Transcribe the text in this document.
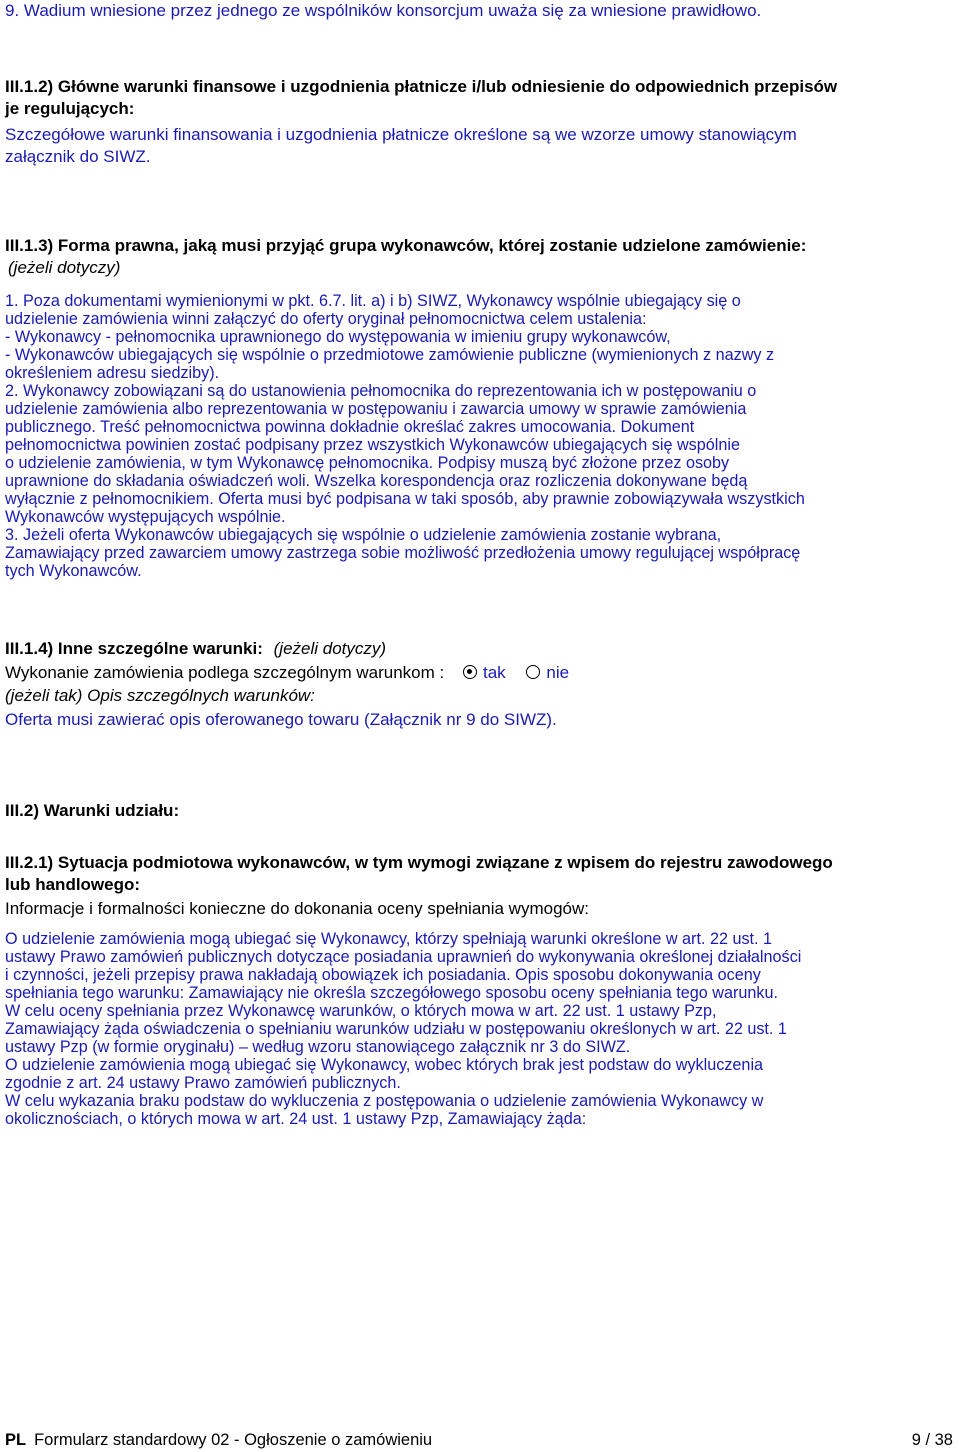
9. Wadium wniesione przez jednego ze wspólników konsorcjum uważa się za wniesione prawidłowo.
III.1.2) Główne warunki finansowe i uzgodnienia płatnicze i/lub odniesienie do odpowiednich przepisów
je regulujących:
Szczegółowe warunki finansowania i uzgodnienia płatnicze określone są we wzorze umowy stanowiącym
załącznik do SIWZ.
III.1.3) Forma prawna, jaką musi przyjąć grupa wykonawców, której zostanie udzielone zamówienie:
(jeżeli dotyczy)
1. Poza dokumentami wymienionymi w pkt. 6.7. lit. a) i b) SIWZ, Wykonawcy wspólnie ubiegający się o
udzielenie zamówienia winni załączyć do oferty oryginał pełnomocnictwa celem ustalenia:
- Wykonawcy - pełnomocnika uprawnionego do występowania w imieniu grupy wykonawców,
- Wykonawców ubiegających się wspólnie o przedmiotowe zamówienie publiczne (wymienionych z nazwy z
określeniem adresu siedziby).
2. Wykonawcy zobowiązani są do ustanowienia pełnomocnika do reprezentowania ich w postępowaniu o
udzielenie zamówienia albo reprezentowania w postępowaniu i zawarcia umowy w sprawie zamówienia
publicznego. Treść pełnomocnictwa powinna dokładnie określać zakres umocowania. Dokument
pełnomocnictwa powinien zostać podpisany przez wszystkich Wykonawców ubiegających się wspólnie
o udzielenie zamówienia, w tym Wykonawcę pełnomocnika. Podpisy muszą być złożone przez osoby
uprawnione do składania oświadczeń woli. Wszelka korespondencja oraz rozliczenia dokonywane będą
wyłącznie z pełnomocnikiem. Oferta musi być podpisana w taki sposób, aby prawnie zobowiązywała wszystkich
Wykonawców występujących wspólnie.
3. Jeżeli oferta Wykonawców ubiegających się wspólnie o udzielenie zamówienia zostanie wybrana,
Zamawiający przed zawarciem umowy zastrzega sobie możliwość przedłożenia umowy regulującej współpracę
tych Wykonawców.
III.1.4) Inne szczególne warunki: (jeżeli dotyczy)
Wykonanie zamówienia podlega szczególnym warunkom : tak nie
(jeżeli tak) Opis szczególnych warunków:
Oferta musi zawierać opis oferowanego towaru (Załącznik nr 9 do SIWZ).
III.2) Warunki udziału:
III.2.1) Sytuacja podmiotowa wykonawców, w tym wymogi związane z wpisem do rejestru zawodowego
lub handlowego:
Informacje i formalności konieczne do dokonania oceny spełniania wymogów:
O udzielenie zamówienia mogą ubiegać się Wykonawcy, którzy spełniają warunki określone w art. 22 ust. 1
ustawy Prawo zamówień publicznych dotyczące posiadania uprawnień do wykonywania określonej działalności
i czynności, jeżeli przepisy prawa nakładają obowiązek ich posiadania. Opis sposobu dokonywania oceny
spełniania tego warunku: Zamawiający nie określa szczegółowego sposobu oceny spełniania tego warunku.
W celu oceny spełniania przez Wykonawcę warunków, o których mowa w art. 22 ust. 1 ustawy Pzp,
Zamawiający żąda oświadczenia o spełnianiu warunków udziału w postępowaniu określonych w art. 22 ust. 1
ustawy Pzp (w formie oryginału) – według wzoru stanowiącego załącznik nr 3 do SIWZ.
O udzielenie zamówienia mogą ubiegać się Wykonawcy, wobec których brak jest podstaw do wykluczenia
zgodnie z art. 24 ustawy Prawo zamówień publicznych.
W celu wykazania braku podstaw do wykluczenia z postępowania o udzielenie zamówienia Wykonawcy w
okolicznościach, o których mowa w art. 24 ust. 1 ustawy Pzp, Zamawiający żąda:
PL Formularz standardowy 02 - Ogłoszenie o zamówieniu	9 / 38
